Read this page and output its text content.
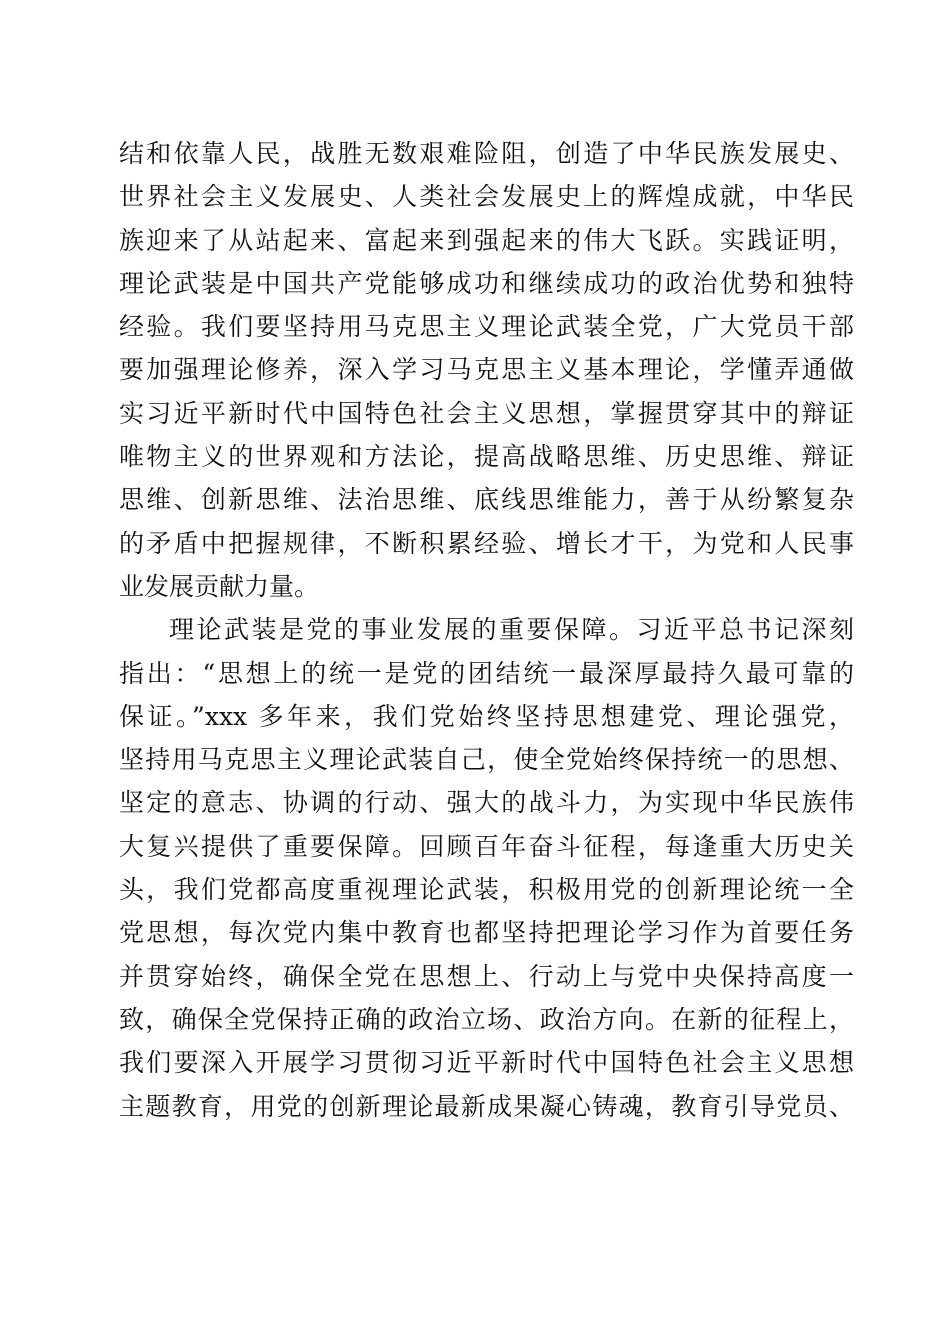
结和依靠人民，战胜无数艰难险阻，创造了中华民族发展史、
世界社会主义发展史、人类社会发展史上的辉煌成就，中华民
族迎来了从站起来、富起来到强起来的伟大飞跃。实践证明，
理论武装是中国共产党能够成功和继续成功的政治优势和独特
经验。我们要坚持用马克思主义理论武装全党，广大党员干部
要加强理论修养，深入学习马克思主义基本理论，学懂弄通做
实习近平新时代中国特色社会主义思想，掌握贯穿其中的辩证
唯物主义的世界观和方法论，提高战略思维、历史思维、辩证
思维、创新思维、法治思维、底线思维能力，善于从纷繁复杂
的矛盾中把握规律，不断积累经验、增长才干，为党和人民事
业发展贡献力量。
理论武装是党的事业发展的重要保障。习近平总书记深刻
指出：“思想上的统一是党的团结统一最深厚最持久最可靠的
保证。”xxx 多年来，我们党始终坚持思想建党、理论强党，
坚持用马克思主义理论武装自己，使全党始终保持统一的思想、
坚定的意志、协调的行动、强大的战斗力，为实现中华民族伟
大复兴提供了重要保障。回顾百年奋斗征程，每逢重大历史关
头，我们党都高度重视理论武装，积极用党的创新理论统一全
党思想，每次党内集中教育也都坚持把理论学习作为首要任务
并贯穿始终，确保全党在思想上、行动上与党中央保持高度一
致，确保全党保持正确的政治立场、政治方向。在新的征程上，
我们要深入开展学习贯彻习近平新时代中国特色社会主义思想
主题教育，用党的创新理论最新成果凝心铸魂，教育引导党员、
